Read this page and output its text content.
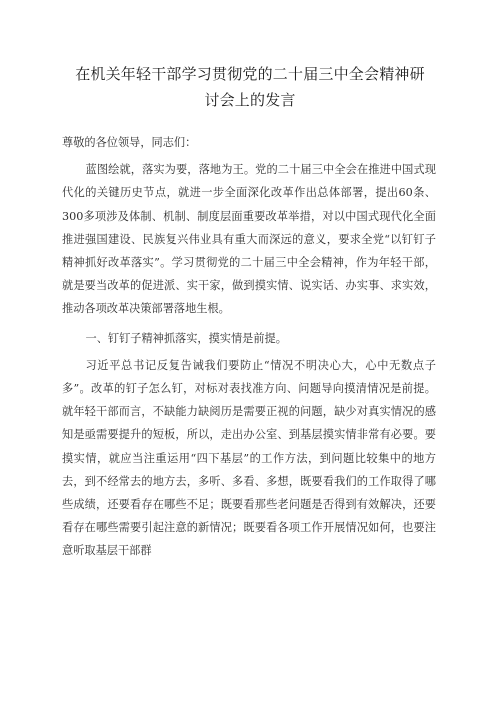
在机关年轻干部学习贯彻党的二十届三中全会精神研
讨会上的发言

尊敬的各位领导，同志们：

蓝图绘就，落实为要，落地为王。党的二十届三中全会在推进中国式现代化的关键历史节点，就进一步全面深化改革作出总体部署，提出60条、300多项涉及体制、机制、制度层面重要改革举措，对以中国式现代化全面推进强国建设、民族复兴伟业具有重大而深远的意义，要求全党“以钉钉子精神抓好改革落实”。学习贯彻党的二十届三中全会精神，作为年轻干部，就是要当改革的促进派、实干家，做到摸实情、说实话、办实事、求实效，推动各项改革决策部署落地生根。

一、钉钉子精神抓落实，摸实情是前提。

习近平总书记反复告诫我们要防止“情况不明决心大，心中无数点子多”。改革的钉子怎么钉，对标对表找准方向、问题导向摸清情况是前提。就年轻干部而言，不缺能力缺阅历是需要正视的问题，缺少对真实情况的感知是亟需要提升的短板，所以，走出办公室、到基层摸实情非常有必要。要摸实情，就应当注重运用“四下基层”的工作方法，到问题比较集中的地方去，到不经常去的地方去，多听、多看、多想，既要看我们的工作取得了哪些成绩，还要看存在哪些不足；既要看那些老问题是否得到有效解决，还要看存在哪些需要引起注意的新情况；既要看各项工作开展情况如何，也要注意听取基层干部群
